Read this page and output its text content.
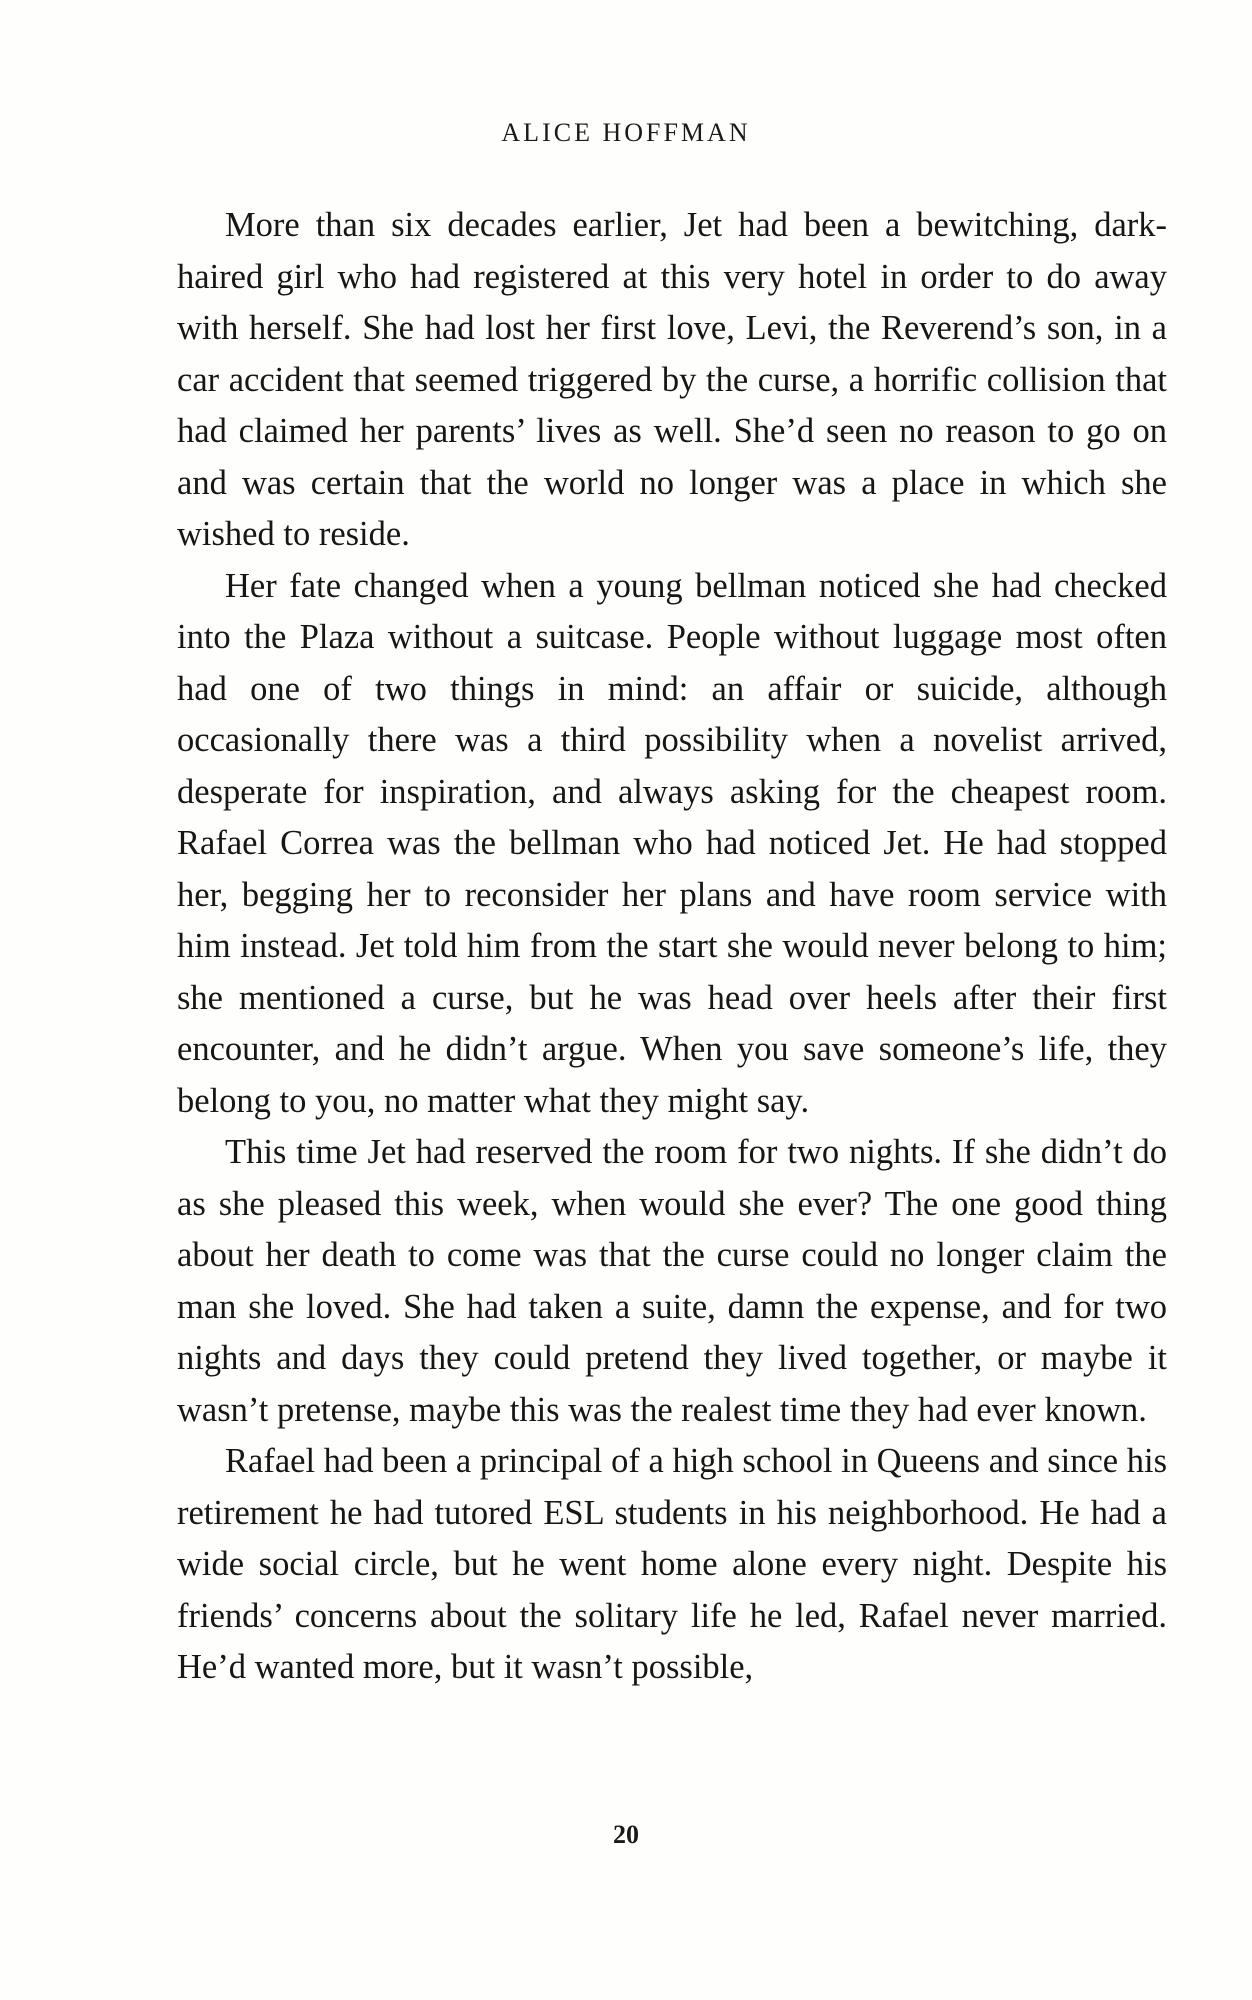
ALICE HOFFMAN

More than six decades earlier, Jet had been a bewitching, dark-haired girl who had registered at this very hotel in order to do away with herself. She had lost her first love, Levi, the Reverend’s son, in a car accident that seemed triggered by the curse, a horrific collision that had claimed her parents’ lives as well. She’d seen no reason to go on and was certain that the world no longer was a place in which she wished to reside.

Her fate changed when a young bellman noticed she had checked into the Plaza without a suitcase. People without luggage most often had one of two things in mind: an affair or suicide, although occasionally there was a third possibility when a novelist arrived, desperate for inspiration, and always asking for the cheapest room. Rafael Correa was the bellman who had noticed Jet. He had stopped her, begging her to reconsider her plans and have room service with him instead. Jet told him from the start she would never belong to him; she mentioned a curse, but he was head over heels after their first encounter, and he didn’t argue. When you save someone’s life, they belong to you, no matter what they might say.

This time Jet had reserved the room for two nights. If she didn’t do as she pleased this week, when would she ever? The one good thing about her death to come was that the curse could no longer claim the man she loved. She had taken a suite, damn the expense, and for two nights and days they could pretend they lived together, or maybe it wasn’t pretense, maybe this was the realest time they had ever known.

Rafael had been a principal of a high school in Queens and since his retirement he had tutored ESL students in his neighborhood. He had a wide social circle, but he went home alone every night. Despite his friends’ concerns about the solitary life he led, Rafael never married. He’d wanted more, but it wasn’t possible,

20
